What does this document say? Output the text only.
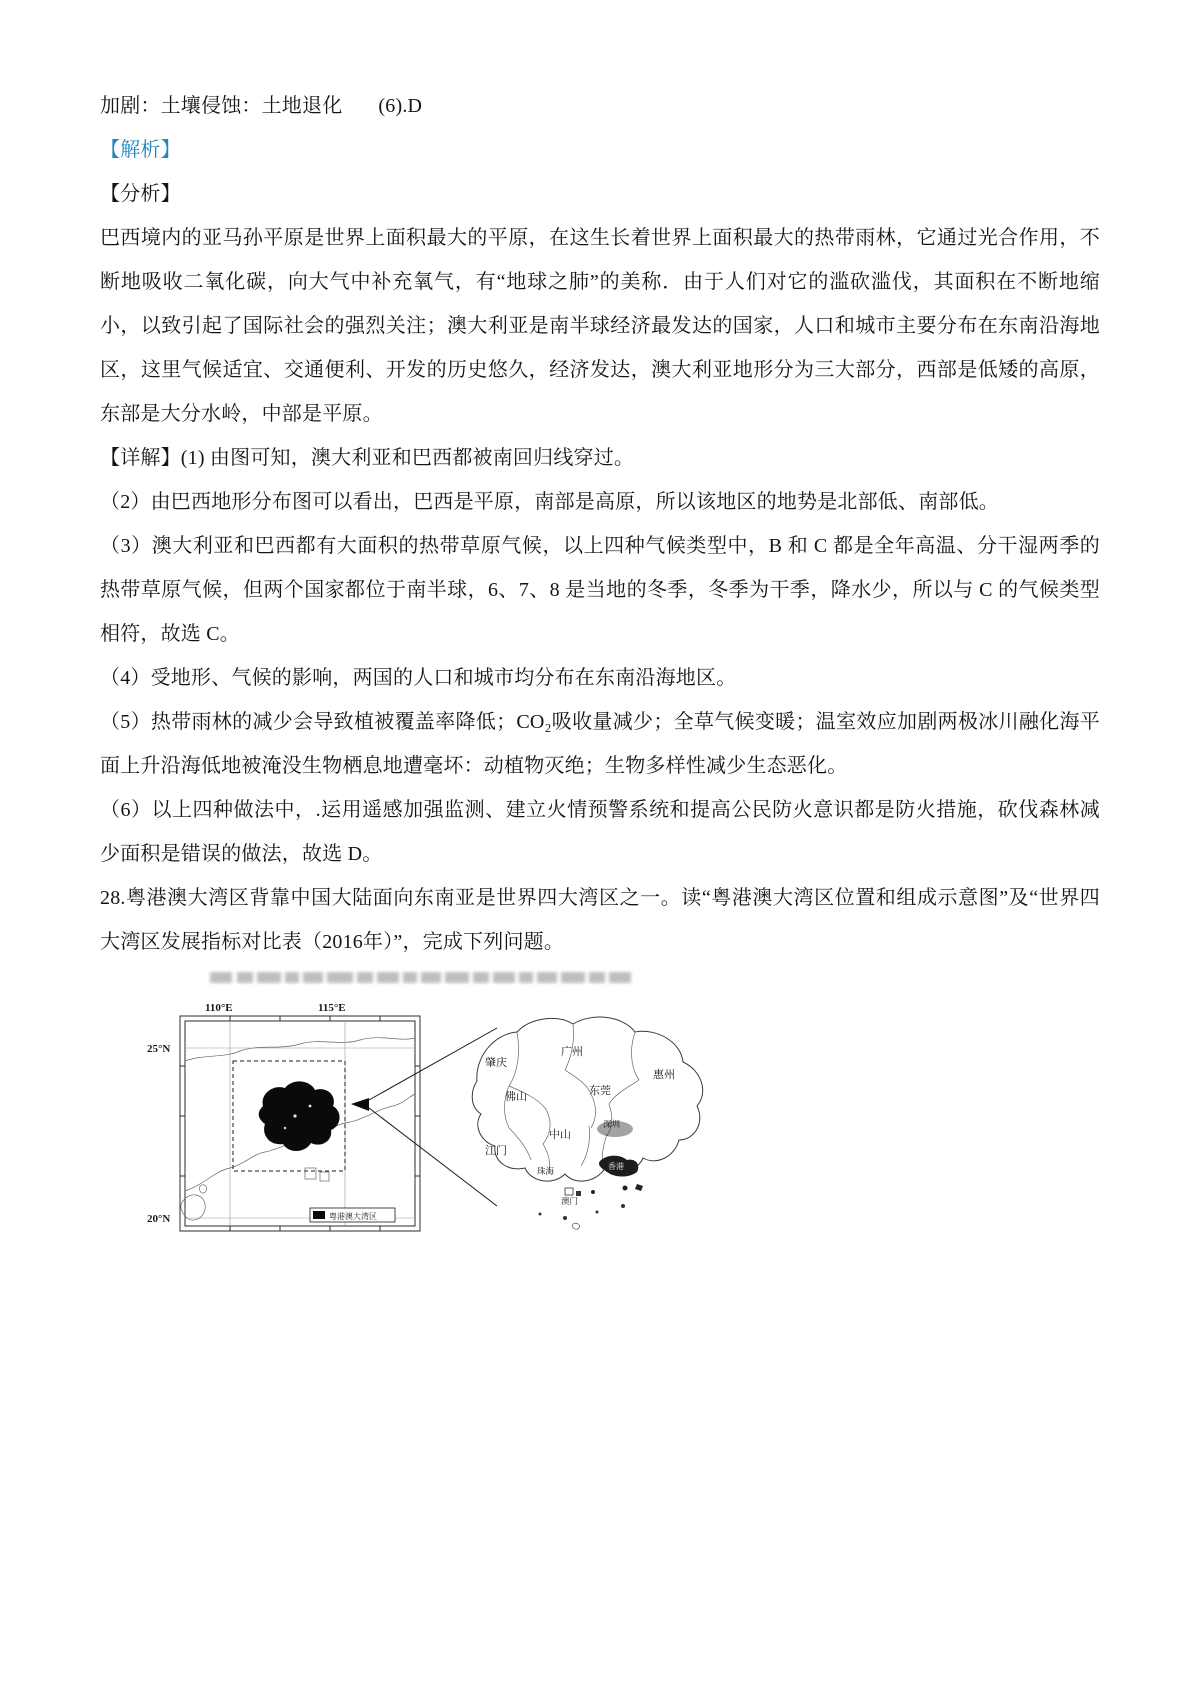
加剧：土壤侵蚀：土地退化 (6).D

【解析】

【分析】

巴西境内的亚马孙平原是世界上面积最大的平原，在这生长着世界上面积最大的热带雨林，它通过光合作用，不断地吸收二氧化碳，向大气中补充氧气，有“地球之肺”的美称．由于人们对它的滥砍滥伐，其面积在不断地缩小，以致引起了国际社会的强烈关注；澳大利亚是南半球经济最发达的国家，人口和城市主要分布在东南沿海地区，这里气候适宜、交通便利、开发的历史悠久，经济发达，澳大利亚地形分为三大部分，西部是低矮的高原，东部是大分水岭，中部是平原。

【详解】(1) 由图可知，澳大利亚和巴西都被南回归线穿过。

（2）由巴西地形分布图可以看出，巴西是平原，南部是高原，所以该地区的地势是北部低、南部低。

（3）澳大利亚和巴西都有大面积的热带草原气候，以上四种气候类型中，B 和 C 都是全年高温、分干湿两季的热带草原气候，但两个国家都位于南半球，6、7、8 是当地的冬季，冬季为干季，降水少，所以与 C 的气候类型相符，故选 C。

（4）受地形、气候的影响，两国的人口和城市均分布在东南沿海地区。

（5）热带雨林的减少会导致植被覆盖率降低；CO₂吸收量减少；全草气候变暖；温室效应加剧两极冰川融化海平面上升沿海低地被淹没生物栖息地遭毫坏：动植物灭绝；生物多样性减少生态恶化。

（6）以上四种做法中，.运用遥感加强监测、建立火情预警系统和提高公民防火意识都是防火措施，砍伐森林减少面积是错误的做法，故选 D。

28.粤港澳大湾区背靠中国大陆面向东南亚是世界四大湾区之一。读“粤港澳大湾区位置和组成示意图”及“世界四大湾区发展指标对比表（2016年）”，完成下列问题。

110°E	115°E
25°N
20°N	粤港澳大湾区
肇庆
广州
惠州
佛山	东莞
江门
中山
深圳
珠海	香港
澳门
